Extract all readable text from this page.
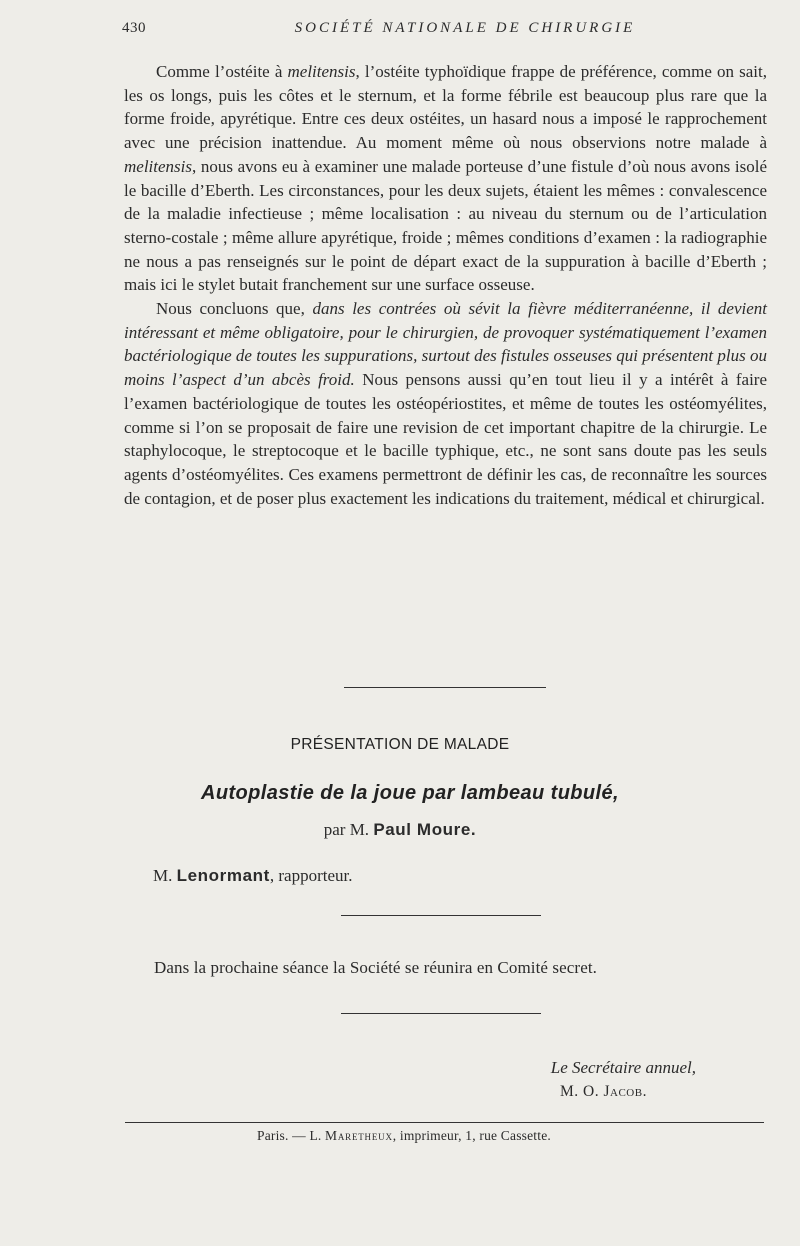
430	SOCIÉTÉ NATIONALE DE CHIRURGIE

Comme l’ostéite à melitensis, l’ostéite typhoïdique frappe de préférence, comme on sait, les os longs, puis les côtes et le sternum, et la forme fébrile est beaucoup plus rare que la forme froide, apyrétique. Entre ces deux ostéites, un hasard nous a imposé le rapprochement avec une précision inattendue. Au moment même où nous observions notre malade à melitensis, nous avons eu à examiner une malade porteuse d’une fistule d’où nous avons isolé le bacille d’Eberth. Les circonstances, pour les deux sujets, étaient les mêmes : convalescence de la maladie infectieuse ; même localisation : au niveau du sternum ou de l’articulation sterno-costale ; même allure apyrétique, froide ; mêmes conditions d’examen : la radiographie ne nous a pas renseignés sur le point de départ exact de la suppuration à bacille d’Eberth ; mais ici le stylet butait franchement sur une surface osseuse.

Nous concluons que, dans les contrées où sévit la fièvre méditerranéenne, il devient intéressant et même obligatoire, pour le chirurgien, de provoquer systématiquement l’examen bactériologique de toutes les suppurations, surtout des fistules osseuses qui présentent plus ou moins l’aspect d’un abcès froid. Nous pensons aussi qu’en tout lieu il y a intérêt à faire l’examen bactériologique de toutes les ostéopériostites, et même de toutes les ostéomyélites, comme si l’on se proposait de faire une revision de cet important chapitre de la chirurgie. Le staphylocoque, le streptocoque et le bacille typhique, etc., ne sont sans doute pas les seuls agents d’ostéomyélites. Ces examens permettront de définir les cas, de reconnaître les sources de contagion, et de poser plus exactement les indications du traitement, médical et chirurgical.

PRÉSENTATION DE MALADE
Autoplastie de la joue par lambeau tubulé,
par M. Paul Moure.
M. Lenormant, rapporteur.
Dans la prochaine séance la Société se réunira en Comité secret.
Le Secrétaire annuel,
M. O. Jacob.
Paris. — L. Maretheux, imprimeur, 1, rue Cassette.
